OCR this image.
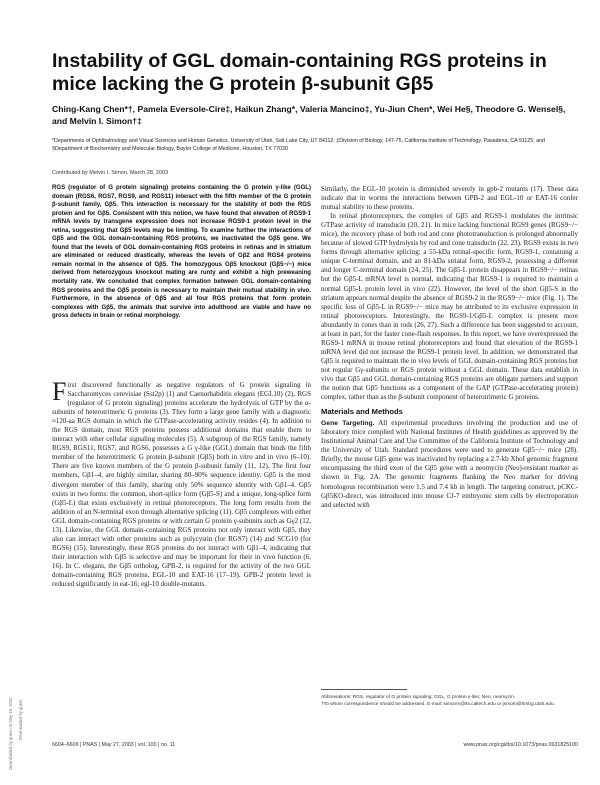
Instability of GGL domain-containing RGS proteins in mice lacking the G protein β-subunit Gβ5

Ching-Kang Chen*†, Pamela Eversole-Cire‡, Haikun Zhang*, Valeria Mancino‡, Yu-Jiun Chen*, Wei He§, Theodore G. Wensel§, and Melvin I. Simon†‡

*Departments of Ophthalmology and Visual Sciences and Human Genetics, University of Utah, Salt Lake City, UT 84112; ‡Division of Biology, 147-75, California Institute of Technology, Pasadena, CA 91125; and §Department of Biochemistry and Molecular Biology, Baylor College of Medicine, Houston, TX 77030

Contributed by Melvin I. Simon, March 28, 2003

RGS (regulator of G protein signaling) proteins containing the G protein γ-like (GGL) domain (RGS6, RGS7, RGS9, and RGS11) interact with the fifth member of the G protein β-subunit family, Gβ5. This interaction is necessary for the stability of both the RGS protein and for Gβ5. Consistent with this notion, we have found that elevation of RGS9-1 mRNA levels by transgene expression does not increase RGS9-1 protein level in the retina, suggesting that Gβ5 levels may be limiting. To examine further the interactions of Gβ5 and the GGL domain-containing RGS proteins, we inactivated the Gβ5 gene. We found that the levels of GGL domain-containing RGS proteins in retinas and in striatum are eliminated or reduced drastically, whereas the levels of Gβ2 and RGS4 proteins remain normal in the absence of Gβ5. The homozygous Gβ5 knockout (Gβ5−/−) mice derived from heterozygous knockout mating are runty and exhibit a high preweaning mortality rate. We concluded that complex formation between GGL domain-containing RGS proteins and the Gβ5 protein is necessary to maintain their mutual stability in vivo. Furthermore, in the absence of Gβ5 and all four RGS proteins that form protein complexes with Gβ5, the animals that survive into adulthood are viable and have no gross defects in brain or retinal morphology.

First discovered functionally as negative regulators of G protein signaling in Saccharomyces cerevisiae (Sst2p) (1) and Caenorhabditis elegans (EGL10) (2), RGS (regulator of G protein signaling) proteins accelerate the hydrolysis of GTP by the α-subunits of heterotrimeric G proteins (3). They form a large gene family with a diagnostic ≈120-aa RGS domain in which the GTPase-accelerating activity resides (4). In addition to the RGS domain, most RGS proteins possess additional domains that enable them to interact with other cellular signaling molecules (5). A subgroup of the RGS family, namely RGS9, RGS11, RGS7, and RGS6, possesses a G γ-like (GGL) domain that binds the fifth member of the heterotrimeric G protein β-subunit (Gβ5) both in vitro and in vivo (6–10). There are five known members of the G protein β-subunit family (11, 12). The first four members, Gβ1–4, are highly similar, sharing 80–90% sequence identity. Gβ5 is the most divergent member of this family, sharing only 50% sequence identity with Gβ1–4. Gβ5 exists in two forms: the common, short-splice form (Gβ5-S) and a unique, long-splice form (Gβ5-L) that exists exclusively in retinal photoreceptors. The long form results from the addition of an N-terminal exon through alternative splicing (11). Gβ5 complexes with either GGL domain-containing RGS proteins or with certain G protein γ-subunits such as Gγ2 (12, 13). Likewise, the GGL domain-containing RGS proteins not only interact with Gβ5, they also can interact with other proteins such as polycystin (for RGS7) (14) and SCG10 (for RGS6) (15). Interestingly, these RGS proteins do not interact with Gβ1–4, indicating that their interaction with Gβ5 is selective and may be important for their in vivo function (6, 16). In C. elegans, the Gβ5 ortholog, GPB-2, is required for the activity of the two GGL domain-containing RGS proteins, EGL-10 and EAT-16 (17–19). GPB-2 protein level is reduced significantly in eat-16; egl-10 double-mutants.

Similarly, the EGL-10 protein is diminished severely in gpb-2 mutants (17). These data indicate that in worms the interactions between GPB-2 and EGL-10 or EAT-16 confer mutual stability to these proteins.

In retinal photoreceptors, the complex of Gβ5 and RGS9-1 modulates the intrinsic GTPase activity of transducin (20, 21). In mice lacking functional RGS9 genes (RGS9−/− mice), the recovery phase of both rod and cone phototransduction is prolonged abnormally because of slowed GTP hydrolysis by rod and cone transducin (22, 23). RGS9 exists in two forms through alternative splicing: a 55-kDa retinal-specific form, RGS9-1, containing a unique C-terminal domain, and an 81-kDa striatal form, RGS9-2, possessing a different and longer C-terminal domain (24, 25). The Gβ5-L protein disappears in RGS9−/− retinas but the Gβ5-L mRNA level is normal, indicating that RGS9-1 is required to maintain a normal Gβ5-L protein level in vivo (22). However, the level of the short Gβ5-S in the striatum appears normal despite the absence of RGS9-2 in the RGS9−/− mice (Fig. 1). The specific loss of Gβ5-L in RGS9−/− mice may be attributed to its exclusive expression in retinal photoreceptors. Interestingly, the RGS9-1/Gβ5-L complex is present more abundantly in cones than in rods (26, 27). Such a difference has been suggested to account, at least in part, for the faster cone-flash responses. In this report, we have overexpressed the RGS9-1 mRNA in mouse retinal photoreceptors and found that elevation of the RGS9-1 mRNA level did not increase the RGS9-1 protein level. In addition, we demonstrated that Gβ5 is required to maintain the in vivo levels of GGL domain-containing RGS proteins but not regular Gγ-subunits or RGS protein without a GGL domain. These data establish in vivo that Gβ5 and GGL domain-containing RGS proteins are obligate partners and support the notion that Gβ5 functions as a component of the GAP (GTPase-accelerating protein) complex, rather than as the β-subunit component of heterotrimeric G proteins.

Materials and Methods

Gene Targeting. All experimental procedures involving the production and use of laboratory mice complied with National Institutes of Health guidelines as approved by the Institutional Animal Care and Use Committee of the California Institute of Technology and the University of Utah. Standard procedures were used to generate Gβ5−/− mice (28). Briefly, the mouse Gβ5 gene was inactivated by replacing a 2.7-kb XhoI genomic fragment encompassing the third exon of the Gβ5 gene with a neomycin (Neo)-resistant marker as shown in Fig. 2A. The genomic fragments flanking the Neo marker for driving homologous recombination were 1.5 and 7.4 kb in length. The targeting construct, pCKC-Gβ5KO-direct, was introduced into mouse CJ-7 embryonic stem cells by electroporation and selected with

Abbreviations: RGS, regulator of G protein signaling; GGL, G protein γ-like; Neo, neomycin.

†To whom correspondence should be addressed. E-mail: simonm@its.caltech.edu or jsmom@hmbg.utah.edu.

6604–6609 | PNAS | May 27, 2003 | vol. 100 | no. 11	www.pnas.org/cgi/doi/10.1073/pnas.0631825100
Downloaded by guest on May 19, 2020	Downloaded by guest
